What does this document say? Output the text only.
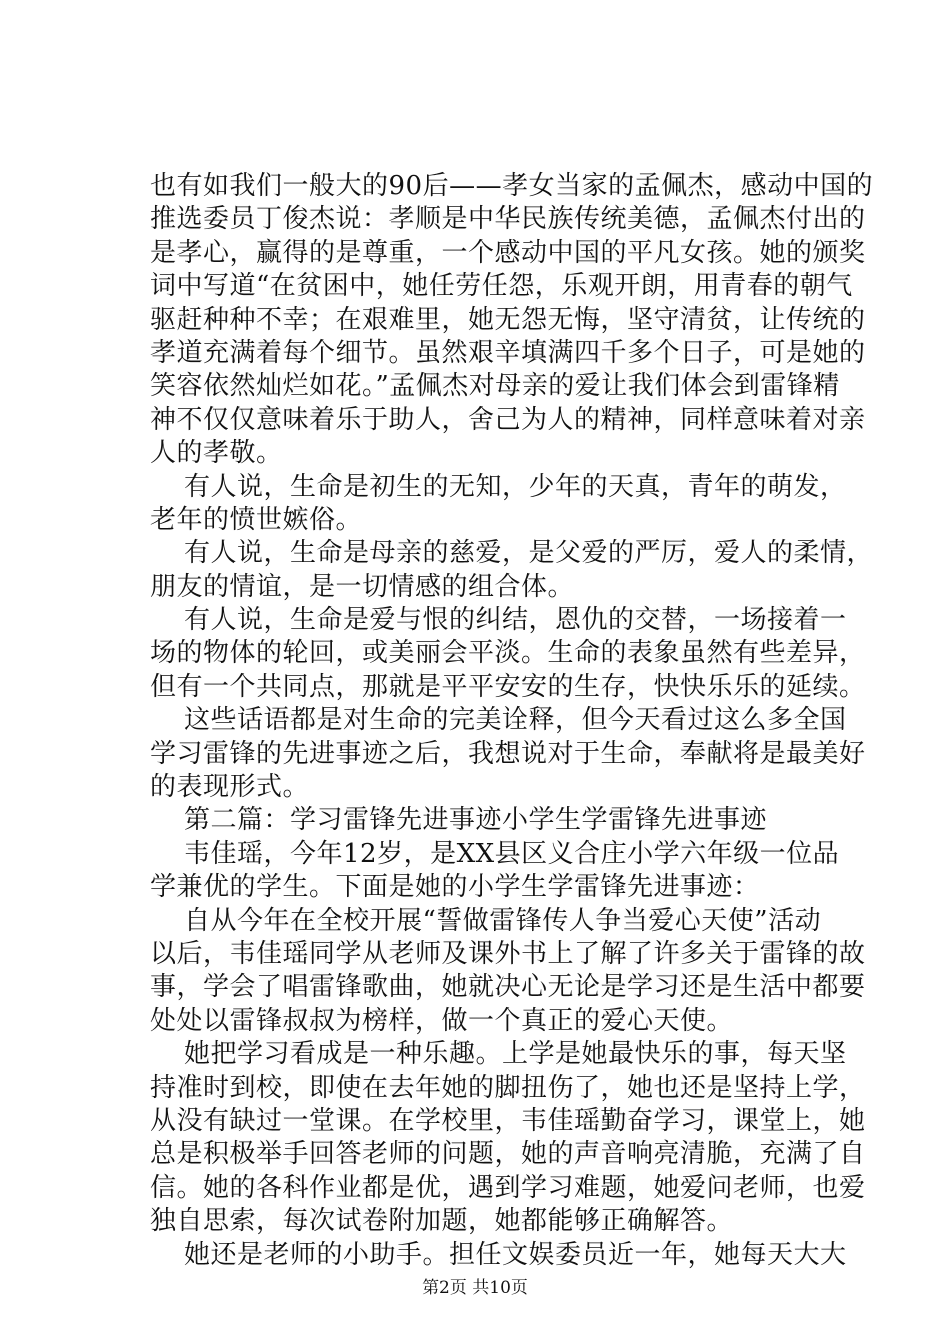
也有如我们一般大的90后——孝女当家的孟佩杰，感动中国的
推选委员丁俊杰说：孝顺是中华民族传统美德，孟佩杰付出的
是孝心，赢得的是尊重，一个感动中国的平凡女孩。她的颁奖
词中写道“在贫困中，她任劳任怨，乐观开朗，用青春的朝气
驱赶种种不幸；在艰难里，她无怨无悔，坚守清贫，让传统的
孝道充满着每个细节。虽然艰辛填满四千多个日子，可是她的
笑容依然灿烂如花。”孟佩杰对母亲的爱让我们体会到雷锋精
神不仅仅意味着乐于助人，舍己为人的精神，同样意味着对亲
人的孝敬。
有人说，生命是初生的无知，少年的天真，青年的萌发，
老年的愤世嫉俗。
有人说，生命是母亲的慈爱，是父爱的严厉，爱人的柔情，
朋友的情谊，是一切情感的组合体。
有人说，生命是爱与恨的纠结，恩仇的交替，一场接着一
场的物体的轮回，或美丽会平淡。生命的表象虽然有些差异，
但有一个共同点，那就是平平安安的生存，快快乐乐的延续。
这些话语都是对生命的完美诠释，但今天看过这么多全国
学习雷锋的先进事迹之后，我想说对于生命，奉献将是最美好
的表现形式。
第二篇：学习雷锋先进事迹小学生学雷锋先进事迹
韦佳瑶，今年12岁，是XX县区义合庄小学六年级一位品
学兼优的学生。下面是她的小学生学雷锋先进事迹：
自从今年在全校开展“誓做雷锋传人争当爱心天使”活动
以后，韦佳瑶同学从老师及课外书上了解了许多关于雷锋的故
事，学会了唱雷锋歌曲，她就决心无论是学习还是生活中都要
处处以雷锋叔叔为榜样，做一个真正的爱心天使。
她把学习看成是一种乐趣。上学是她最快乐的事，每天坚
持准时到校，即使在去年她的脚扭伤了，她也还是坚持上学，
从没有缺过一堂课。在学校里，韦佳瑶勤奋学习，课堂上，她
总是积极举手回答老师的问题，她的声音响亮清脆，充满了自
信。她的各科作业都是优，遇到学习难题，她爱问老师，也爱
独自思索，每次试卷附加题，她都能够正确解答。
她还是老师的小助手。担任文娱委员近一年，她每天大大
第2页 共10页
